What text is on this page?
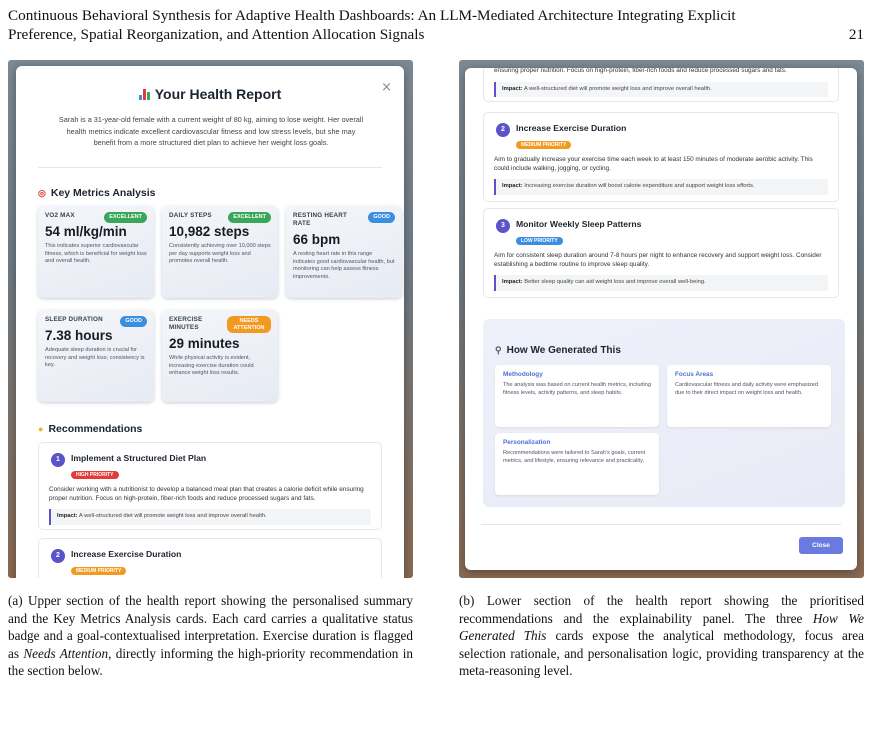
Continuous Behavioral Synthesis for Adaptive Health Dashboards: An LLM-Mediated Architecture Integrating Explicit
Preference, Spatial Reorganization, and Attention Allocation Signals	21
×
Your Health Report
Sarah is a 31-year-old female with a current weight of 80 kg, aiming to lose weight. Her overall health metrics indicate excellent cardiovascular fitness and low stress levels, but she may benefit from a more structured diet plan to achieve her weight loss goals.
◎ Key Metrics Analysis
VO2 MAX	EXCELLENT
54 ml/kg/min
This indicates superior cardiovascular fitness, which is beneficial for weight loss and overall health.
DAILY STEPS	EXCELLENT
10,982 steps
Consistently achieving over 10,000 steps per day supports weight loss and promotes overall health.
RESTING HEART RATE
GOOD
66 bpm
A resting heart rate in this range indicates good cardiovascular health, but monitoring can help assess fitness improvements.
SLEEP DURATION	GOOD
7.38 hours
Adequate sleep duration is crucial for recovery and weight loss; consistency is key.
EXERCISE MINUTES
NEEDS ATTENTION
29 minutes
While physical activity is evident, increasing exercise duration could enhance weight loss results.
● Recommendations
1	Implement a Structured Diet Plan
HIGH PRIORITY
Consider working with a nutritionist to develop a balanced meal plan that creates a calorie deficit while ensuring proper nutrition. Focus on high-protein, fiber-rich foods and reduce processed sugars and fats.
Impact: A well-structured diet will promote weight loss and improve overall health.
2	Increase Exercise Duration
MEDIUM PRIORITY
ensuring proper nutrition. Focus on high-protein, fiber-rich foods and reduce processed sugars and fats.
Impact: A well-structured diet will promote weight loss and improve overall health.
2	Increase Exercise Duration
MEDIUM PRIORITY
Aim to gradually increase your exercise time each week to at least 150 minutes of moderate aerobic activity. This could include walking, jogging, or cycling.
Impact: Increasing exercise duration will boost calorie expenditure and support weight loss efforts.
3	Monitor Weekly Sleep Patterns
LOW PRIORITY
Aim for consistent sleep duration around 7-8 hours per night to enhance recovery and support weight loss. Consider establishing a bedtime routine to improve sleep quality.
Impact: Better sleep quality can aid weight loss and improve overall well-being.
⚲ How We Generated This
Methodology
The analysis was based on current health metrics, including fitness levels, activity patterns, and sleep habits.
Focus Areas
Cardiovascular fitness and daily activity were emphasized due to their direct impact on weight loss and health.
Personalization
Recommendations were tailored to Sarah's goals, current metrics, and lifestyle, ensuring relevance and practicality.
Close
(a) Upper section of the health report showing the personalised summary and the Key Metrics Analysis cards. Each card carries a qualitative status badge and a goal-contextualised interpretation. Exercise duration is flagged as Needs Attention, directly informing the high-priority recommendation in the section below.
(b) Lower section of the health report showing the prioritised recommendations and the explainability panel. The three How We Generated This cards expose the analytical methodology, focus area selection rationale, and personalisation logic, providing transparency at the meta-reasoning level.
